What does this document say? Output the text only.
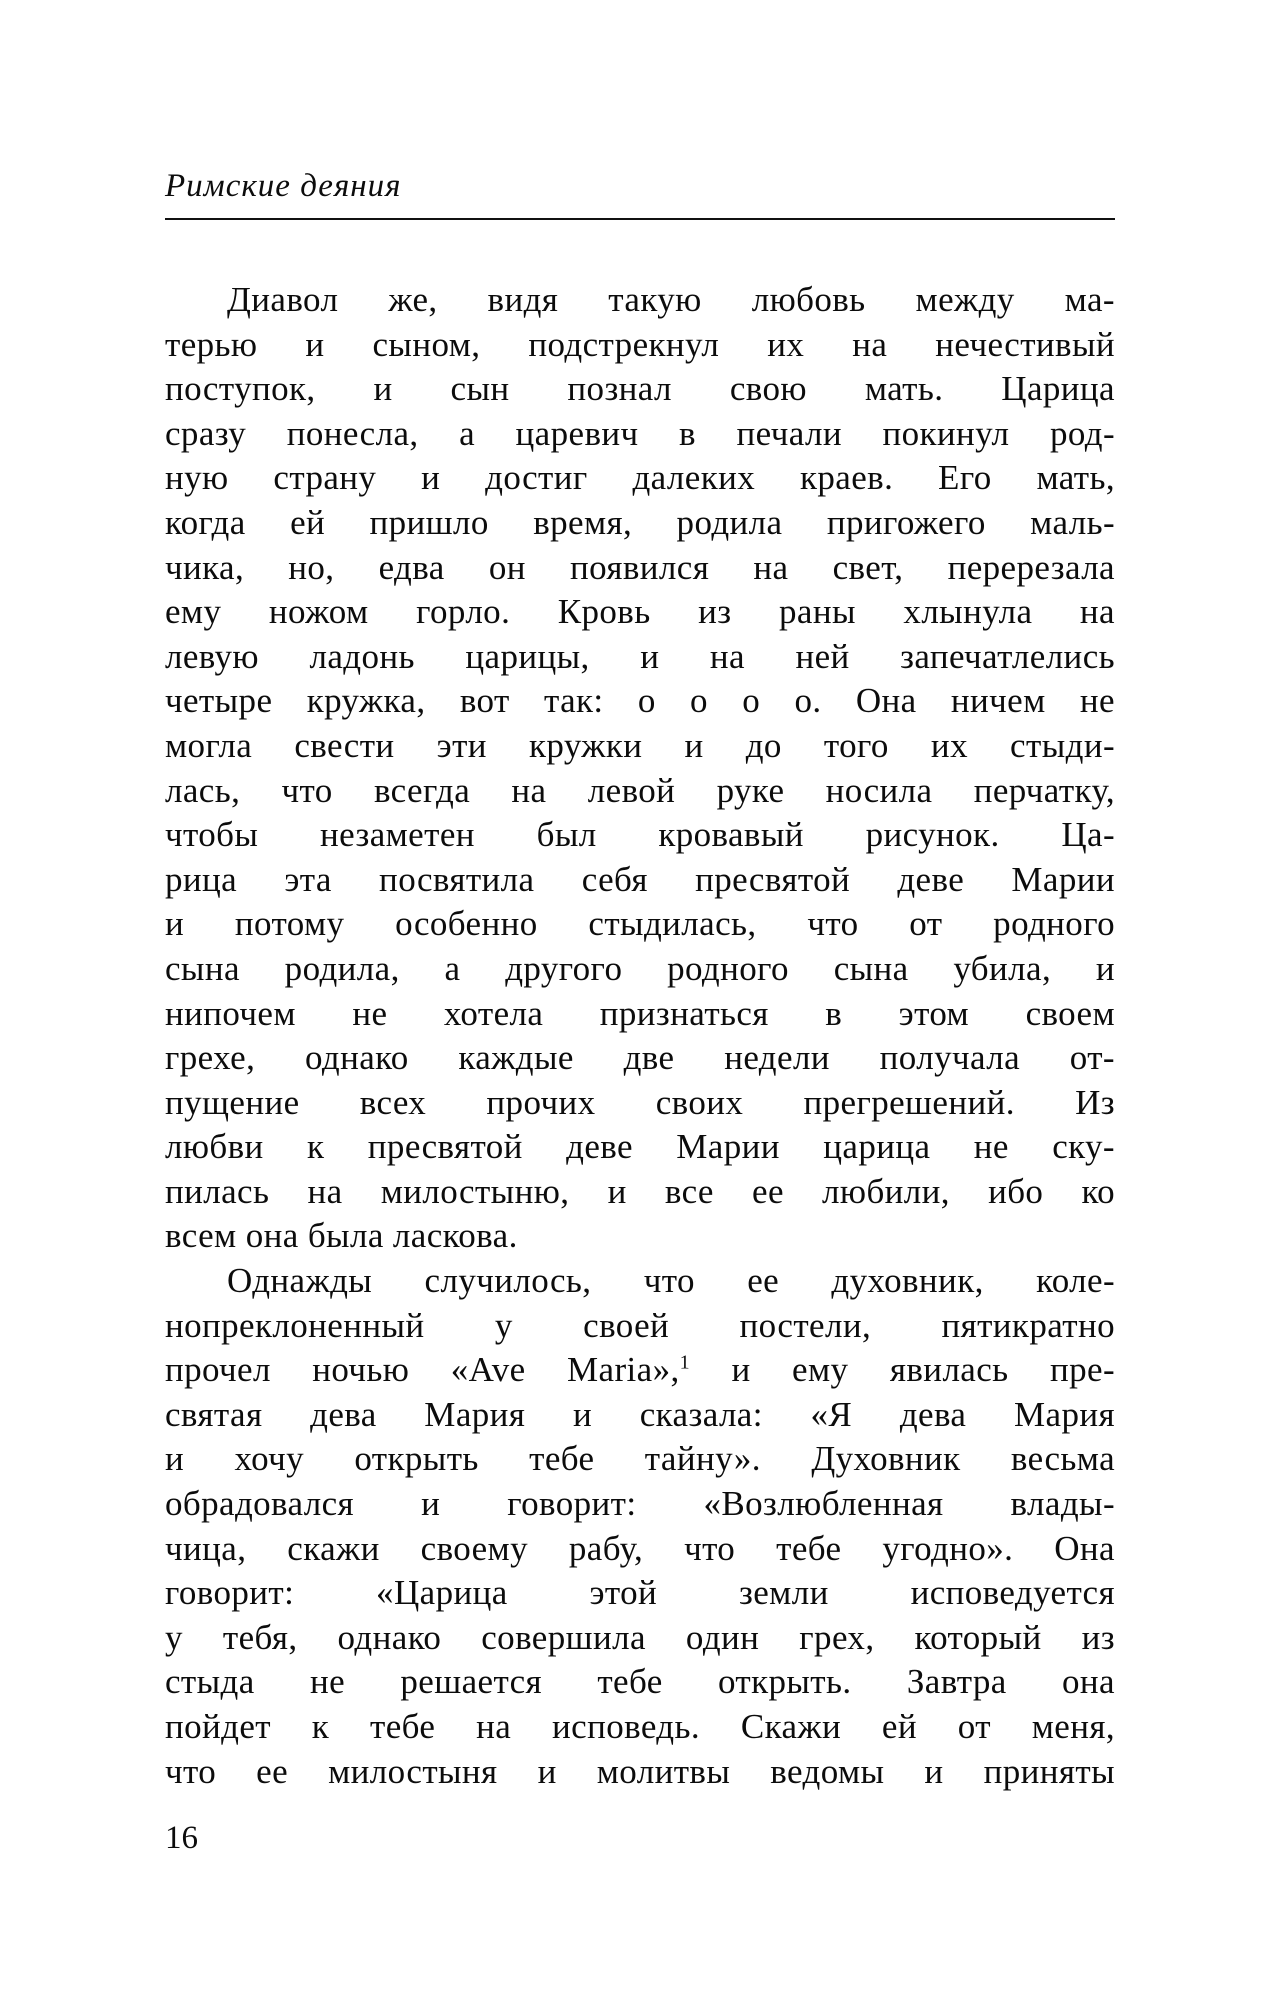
Римские деяния
Диавол же, видя такую любовь между ма-
терью и сыном, подстрекнул их на нечестивый
поступок, и сын познал свою мать. Царица
сразу понесла, а царевич в печали покинул род-
ную страну и достиг далеких краев. Его мать,
когда ей пришло время, родила пригожего маль-
чика, но, едва он появился на свет, перерезала
ему ножом горло. Кровь из раны хлынула на
левую ладонь царицы, и на ней запечатлелись
четыре кружка, вот так: о о о о. Она ничем не
могла свести эти кружки и до того их стыди-
лась, что всегда на левой руке носила перчатку,
чтобы незаметен был кровавый рисунок. Ца-
рица эта посвятила себя пресвятой деве Марии
и потому особенно стыдилась, что от родного
сына родила, а другого родного сына убила, и
нипочем не хотела признаться в этом своем
грехе, однако каждые две недели получала от-
пущение всех прочих своих прегрешений. Из
любви к пресвятой деве Марии царица не ску-
пилась на милостыню, и все ее любили, ибо ко
всем она была ласкова.
Однажды случилось, что ее духовник, коле-
нопреклоненный у своей постели, пятикратно
прочел ночью «Ave Maria»,$^1$ и ему явилась пре-
святая дева Мария и сказала: «Я дева Мария
и хочу открыть тебе тайну». Духовник весьма
обрадовался и говорит: «Возлюбленная влады-
чица, скажи своему рабу, что тебе угодно». Она
говорит: «Царица этой земли исповедуется
у тебя, однако совершила один грех, который из
стыда не решается тебе открыть. Завтра она
пойдет к тебе на исповедь. Скажи ей от меня,
что ее милостыня и молитвы ведомы и приняты
16
